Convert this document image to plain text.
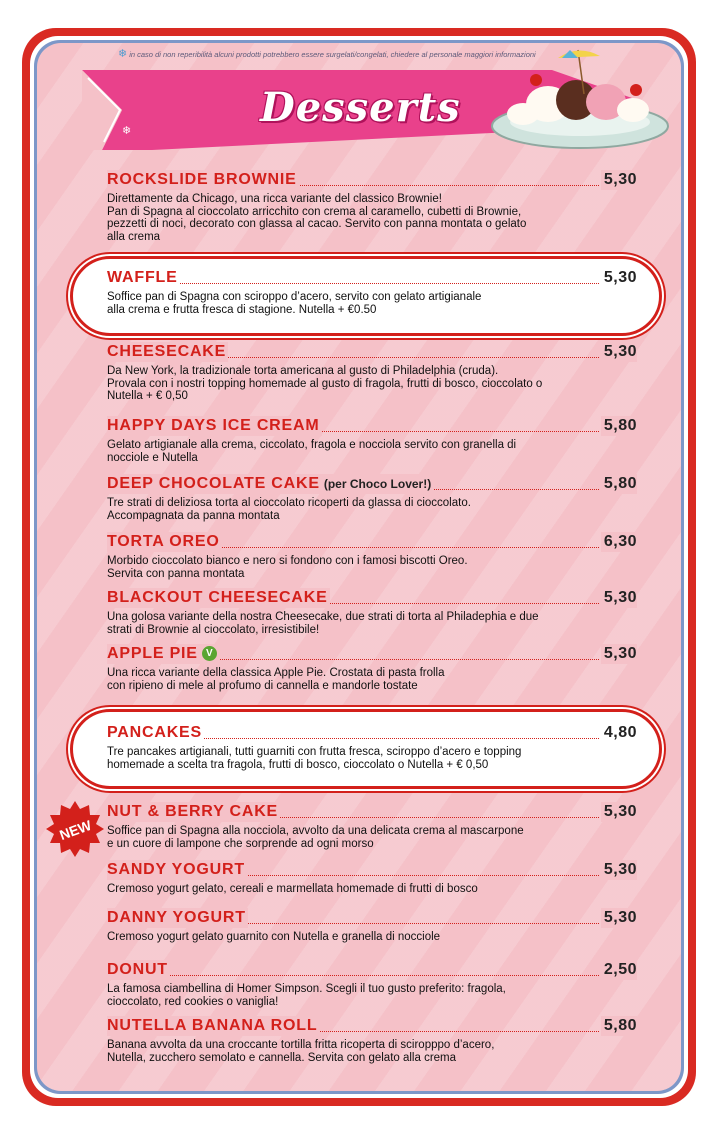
❄ in caso di non reperibilità alcuni prodotti potrebbero essere surgelati/congelati, chiedere al personale maggiori informazioni
❄	Desserts
ROCKSLIDE BROWNIE	5,30
Direttamente da Chicago, una ricca variante del classico Brownie!
Pan di Spagna al cioccolato arricchito con crema al caramello, cubetti di Brownie,
pezzetti di noci, decorato con glassa al cacao. Servito con panna montata o gelato
alla crema
WAFFLE	5,30
Soffice pan di Spagna con sciroppo d’acero, servito con gelato artigianale
alla crema e frutta fresca di stagione. Nutella + €0.50
CHEESECAKE	5,30
Da New York, la tradizionale torta americana al gusto di Philadelphia (cruda).
Provala con i nostri topping homemade al gusto di fragola, frutti di bosco, cioccolato o
Nutella + € 0,50
HAPPY DAYS ICE CREAM	5,80
Gelato artigianale alla crema, ciccolato, fragola e nocciola servito con granella di
nocciole e Nutella
DEEP CHOCOLATE CAKE (per Choco Lover!)	5,80
Tre strati di deliziosa torta al cioccolato ricoperti da glassa di cioccolato.
Accompagnata da panna montata
TORTA OREO	6,30
Morbido cioccolato bianco e nero si fondono con i famosi biscotti Oreo.
Servita con panna montata
BLACKOUT CHEESECAKE	5,30
Una golosa variante della nostra Cheesecake, due strati di torta al Philadephia e due
strati di Brownie al cioccolato, irresistibile!
APPLE PIE V	5,30
Una ricca variante della classica Apple Pie. Crostata di pasta frolla
con ripieno di mele al profumo di cannella e mandorle tostate
PANCAKES	4,80
Tre pancakes artigianali, tutti guarniti con frutta fresca, sciroppo d’acero e topping
homemade a scelta tra fragola, frutti di bosco, cioccolato o Nutella + € 0,50
NUT & BERRY CAKE	5,30
Soffice pan di Spagna alla nocciola, avvolto da una delicata crema al mascarpone
e un cuore di lampone che sorprende ad ogni morso
SANDY YOGURT	5,30
Cremoso yogurt gelato, cereali e marmellata homemade di frutti di bosco
DANNY YOGURT	5,30
Cremoso yogurt gelato guarnito con Nutella e granella di nocciole
DONUT	2,50
La famosa ciambellina di Homer Simpson. Scegli il tuo gusto preferito: fragola,
cioccolato, red cookies o vaniglia!
NUTELLA BANANA ROLL	5,80
Banana avvolta da una croccante tortilla fritta ricoperta di sciropppo d’acero,
Nutella, zucchero semolato e cannella. Servita con gelato alla crema
NEW
